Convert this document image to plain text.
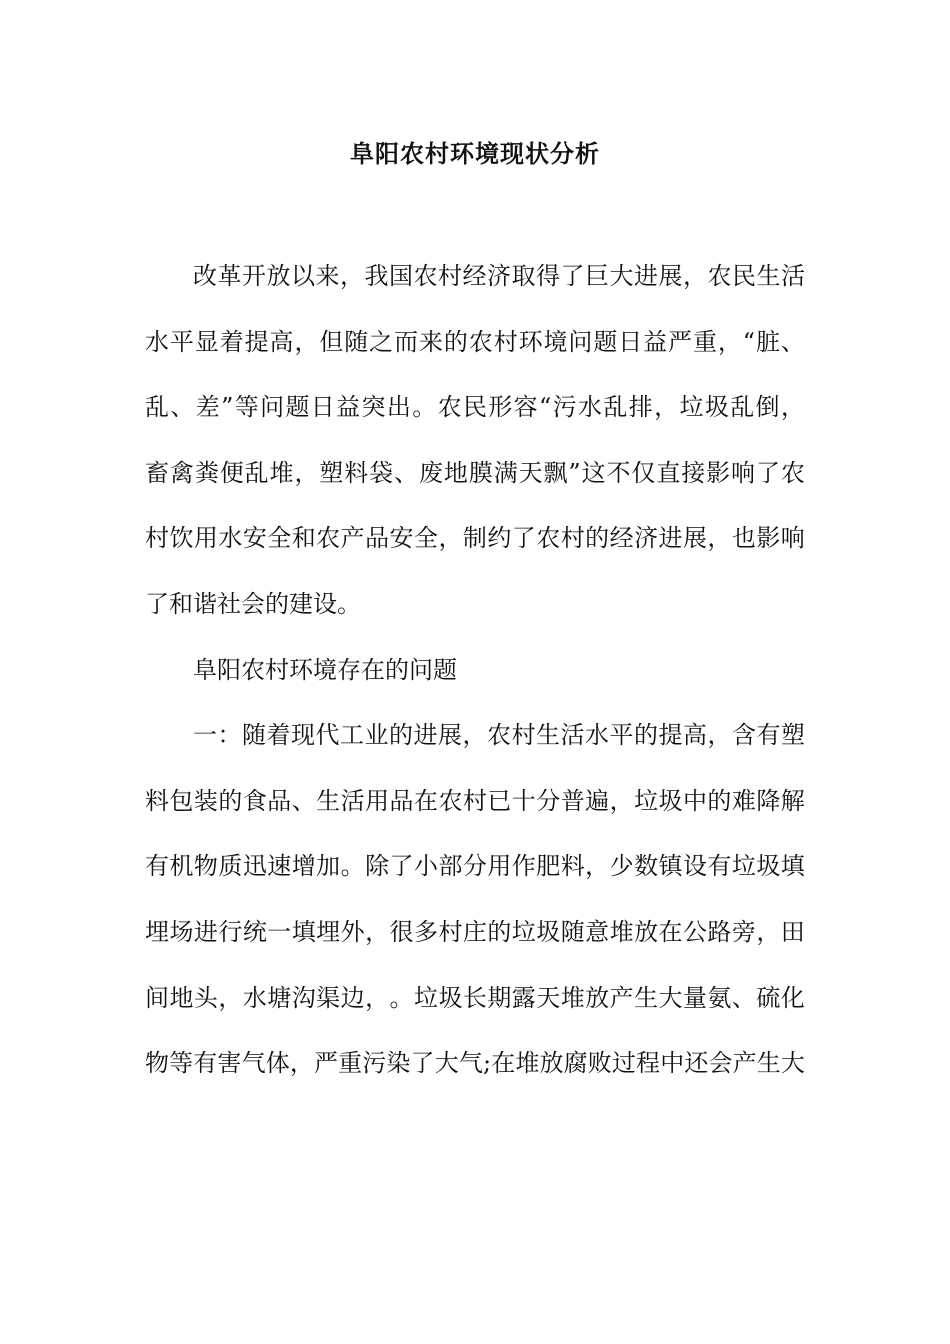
阜阳农村环境现状分析
改 革 开 放 以 来 ， 我 国 农 村 经 济 取 得 了 巨 大 进 展 ， 农 民 生 活
水 平 显 着 提 高 ， 但 随 之 而 来 的 农 村 环 境 问 题 日 益 严 重 ， “ 脏 、
乱 、 差 ” 等 问 题 日 益 突 出 。 农 民 形 容 “ 污 水 乱 排 ， 垃 圾 乱 倒 ，
畜 禽 粪 便 乱 堆 ， 塑 料 袋 、 废 地 膜 满 天 飘 ” 这 不 仅 直 接 影 响 了 农
村 饮 用 水 安 全 和 农 产 品 安 全 ， 制 约 了 农 村 的 经 济 进 展 ， 也 影 响
了和谐社会的建设。
阜阳农村环境存在的问题
一 ： 随 着 现 代 工 业 的 进 展 ， 农 村 生 活 水 平 的 提 高 ， 含 有 塑
料 包 装 的 食 品 、 生 活 用 品 在 农 村 已 十 分 普 遍 ， 垃 圾 中 的 难 降 解
有 机 物 质 迅 速 增 加 。 除 了 小 部 分 用 作 肥 料 ， 少 数 镇 设 有 垃 圾 填
埋 场 进 行 统 一 填 埋 外 ， 很 多 村 庄 的 垃 圾 随 意 堆 放 在 公 路 旁 ， 田
间 地 头 ， 水 塘 沟 渠 边 ， 。 垃 圾 长 期 露 天 堆 放 产 生 大 量 氨 、 硫 化
物 等 有 害 气 体 ， 严 重 污 染 了 大 气 ; 在 堆 放 腐 败 过 程 中 还 会 产 生 大
